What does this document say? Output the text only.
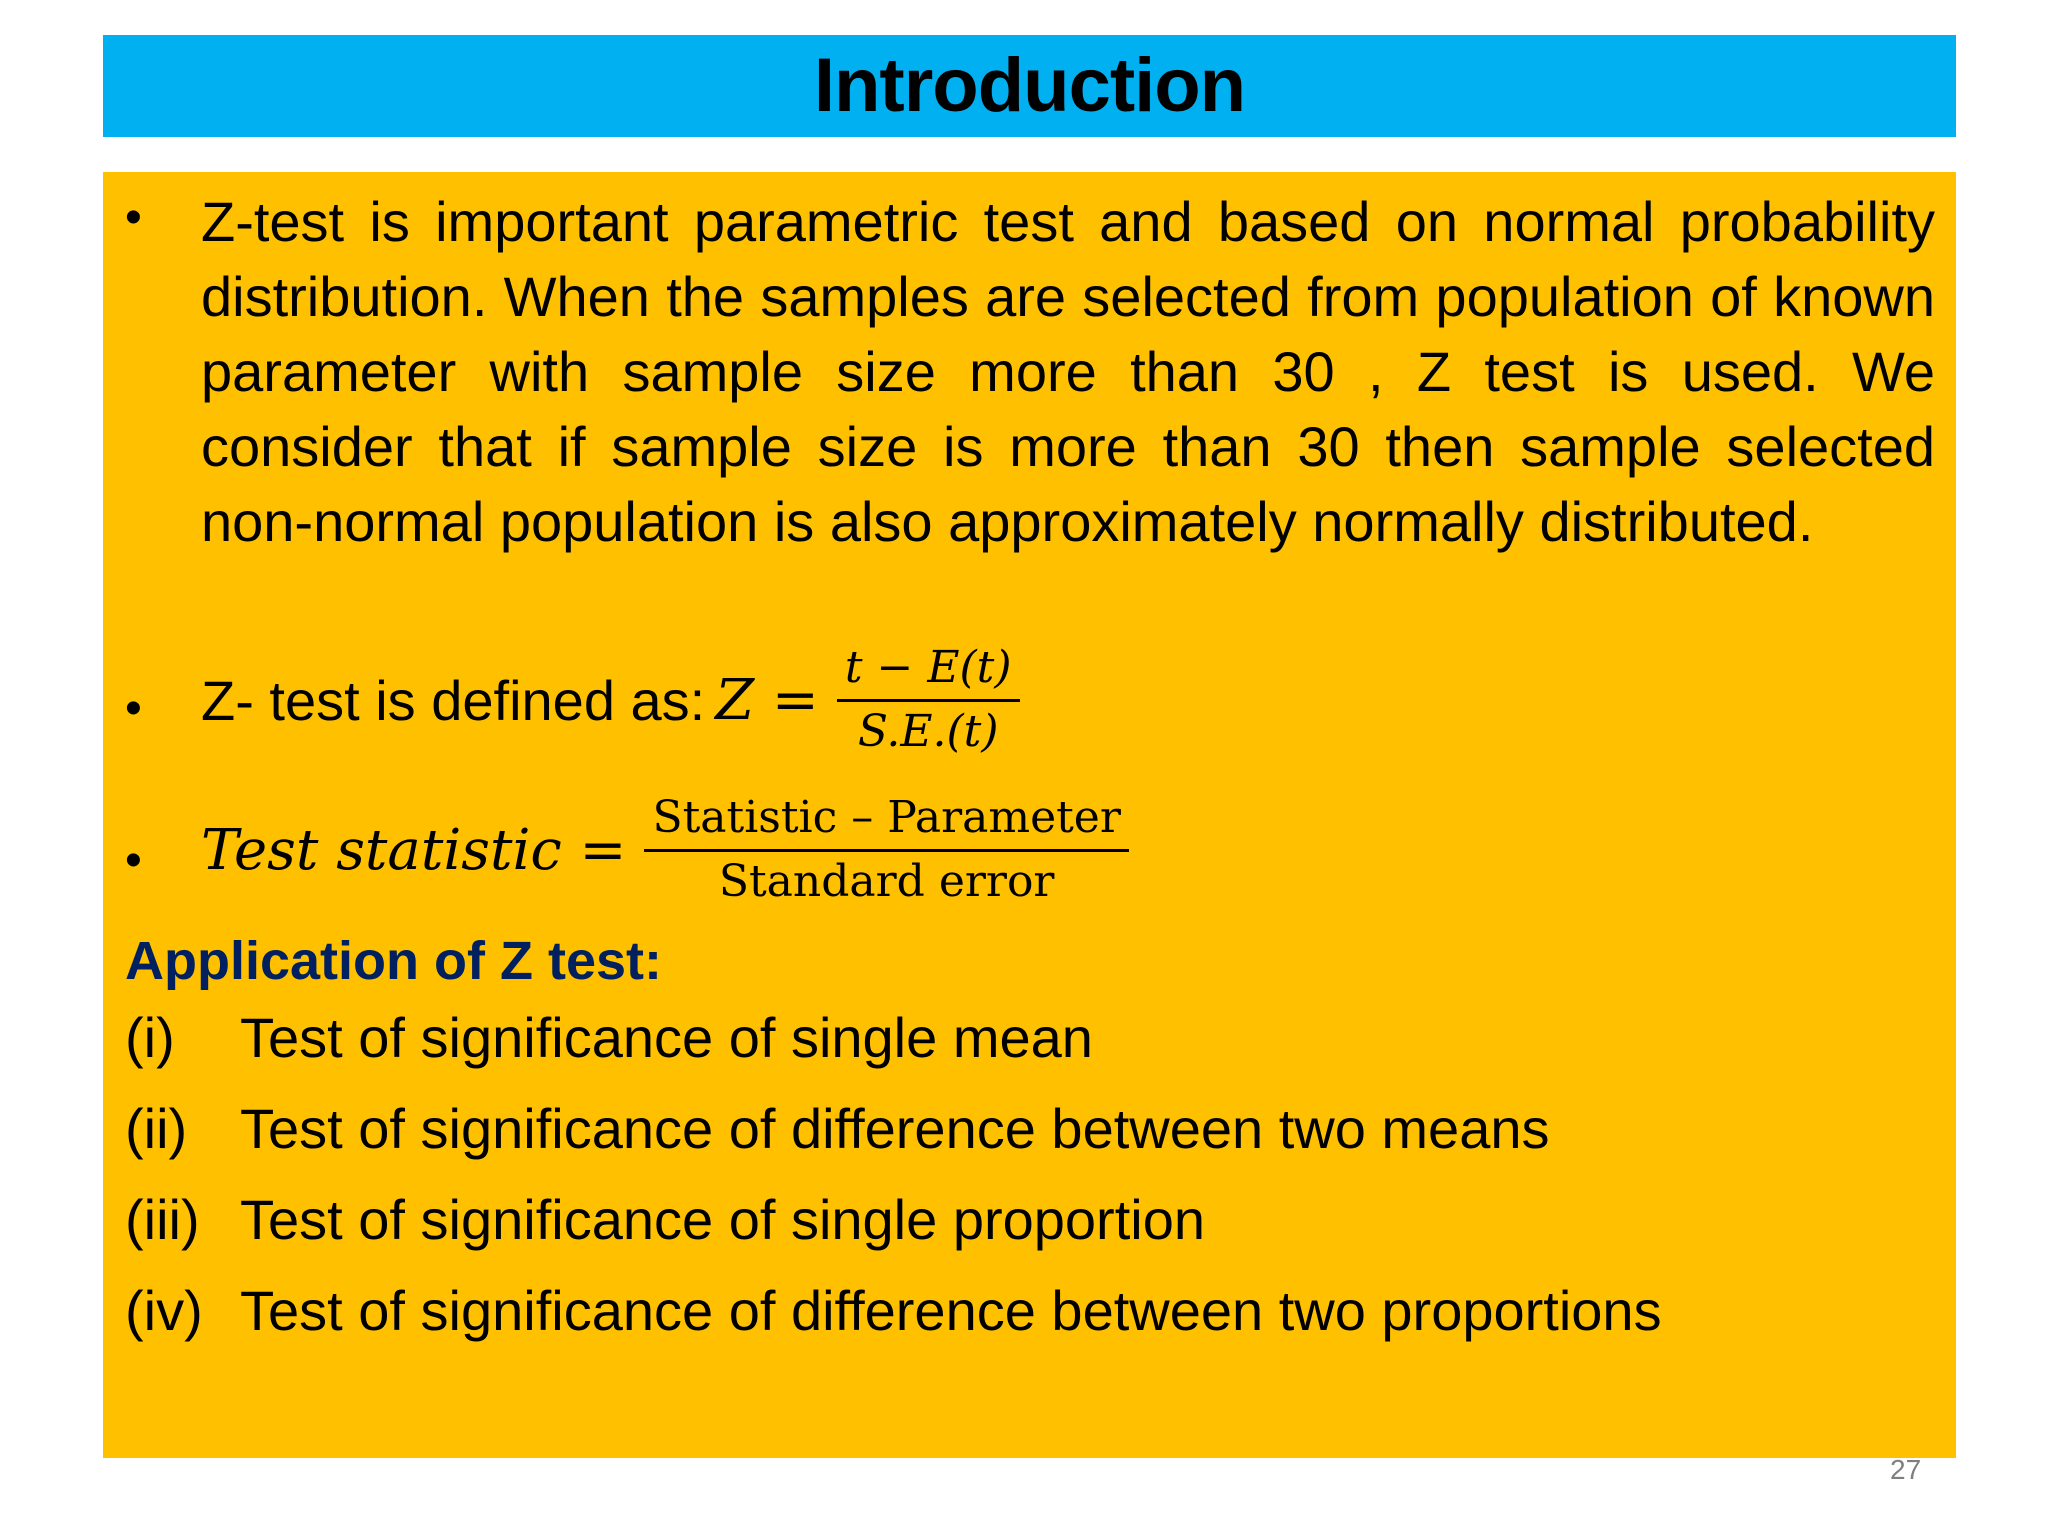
Introduction
• Z-test is important parametric test and based on normal probability distribution. When the samples are selected from population of known parameter with sample size more than 30 , Z test is used. We consider that if sample size is more than 30 then sample selected non-normal population is also approximately normally distributed.

• Z- test is defined as: $Z = \frac{t - E(t)}{S.E.(t)}$
• Test statistic = $\frac{\text{Statistic – Parameter}}{\text{Standard error}}$
Application of Z test:
(i)	Test of significance of single mean
(ii) Test of significance of difference between two means
(iii) Test of significance of single proportion
(iv) Test of significance of difference between two proportions
27
